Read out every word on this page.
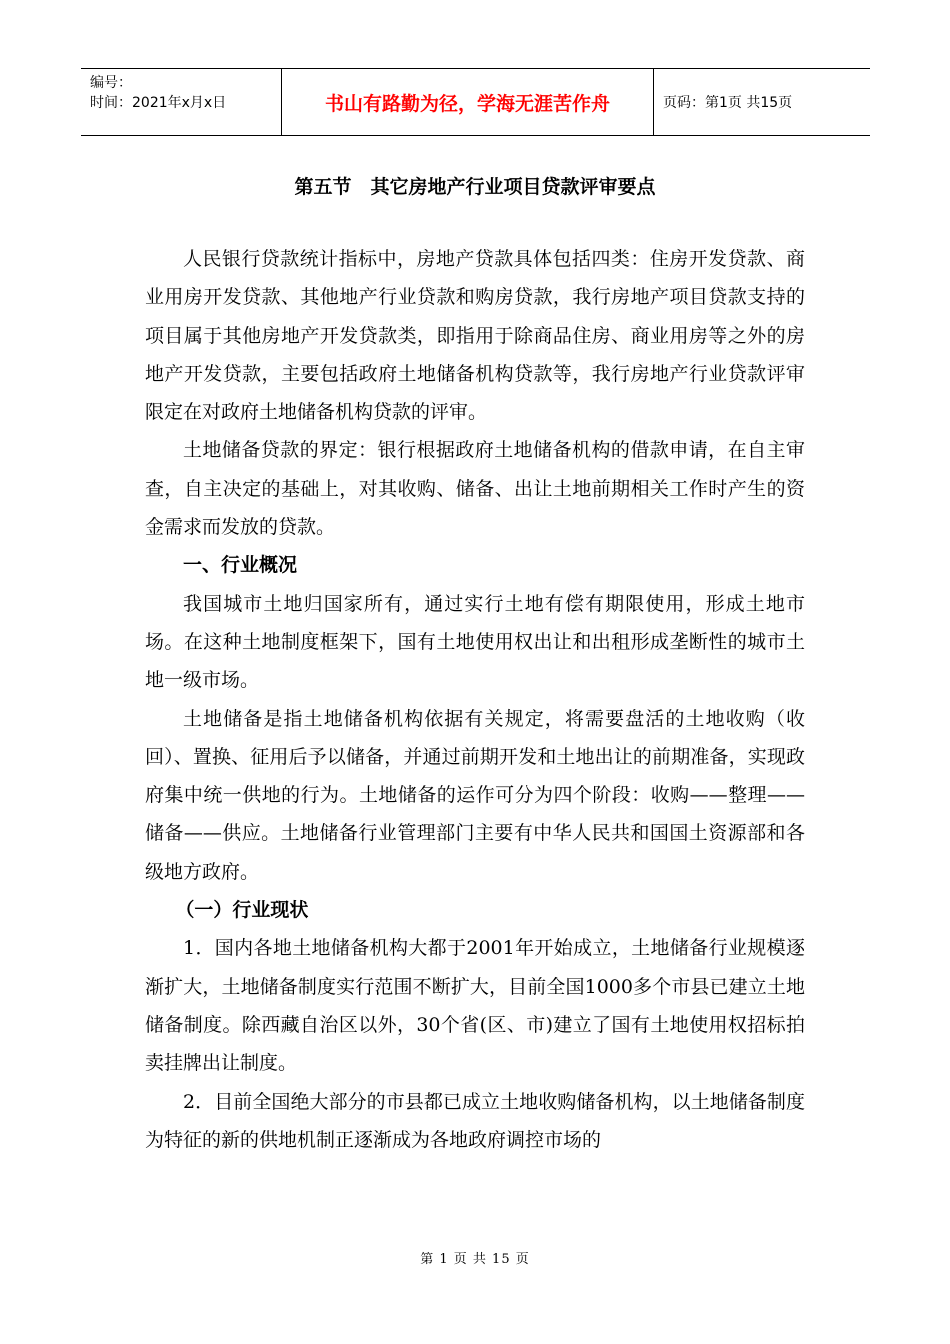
编号：
时间：2021年x月x日	书山有路勤为径，学海无涯苦作舟	页码：第1页 共15页
第五节　其它房地产行业项目贷款评审要点

人民银行贷款统计指标中，房地产贷款具体包括四类：住房开发贷款、商业用房开发贷款、其他地产行业贷款和购房贷款，我行房地产项目贷款支持的项目属于其他房地产开发贷款类，即指用于除商品住房、商业用房等之外的房地产开发贷款，主要包括政府土地储备机构贷款等，我行房地产行业贷款评审限定在对政府土地储备机构贷款的评审。

土地储备贷款的界定：银行根据政府土地储备机构的借款申请，在自主审查，自主决定的基础上，对其收购、储备、出让土地前期相关工作时产生的资金需求而发放的贷款。

一、行业概况

我国城市土地归国家所有，通过实行土地有偿有期限使用，形成土地市场。在这种土地制度框架下，国有土地使用权出让和出租形成垄断性的城市土地一级市场。

土地储备是指土地储备机构依据有关规定，将需要盘活的土地收购（收回）、置换、征用后予以储备，并通过前期开发和土地出让的前期准备，实现政府集中统一供地的行为。土地储备的运作可分为四个阶段：收购——整理——储备——供应。土地储备行业管理部门主要有中华人民共和国国土资源部和各级地方政府。

（一）行业现状

1．国内各地土地储备机构大都于2001年开始成立，土地储备行业规模逐渐扩大，土地储备制度实行范围不断扩大，目前全国1000多个市县已建立土地储备制度。除西藏自治区以外，30个省(区、市)建立了国有土地使用权招标拍卖挂牌出让制度。

2．目前全国绝大部分的市县都已成立土地收购储备机构，以土地储备制度为特征的新的供地机制正逐渐成为各地政府调控市场的

第 1 页 共 15 页
